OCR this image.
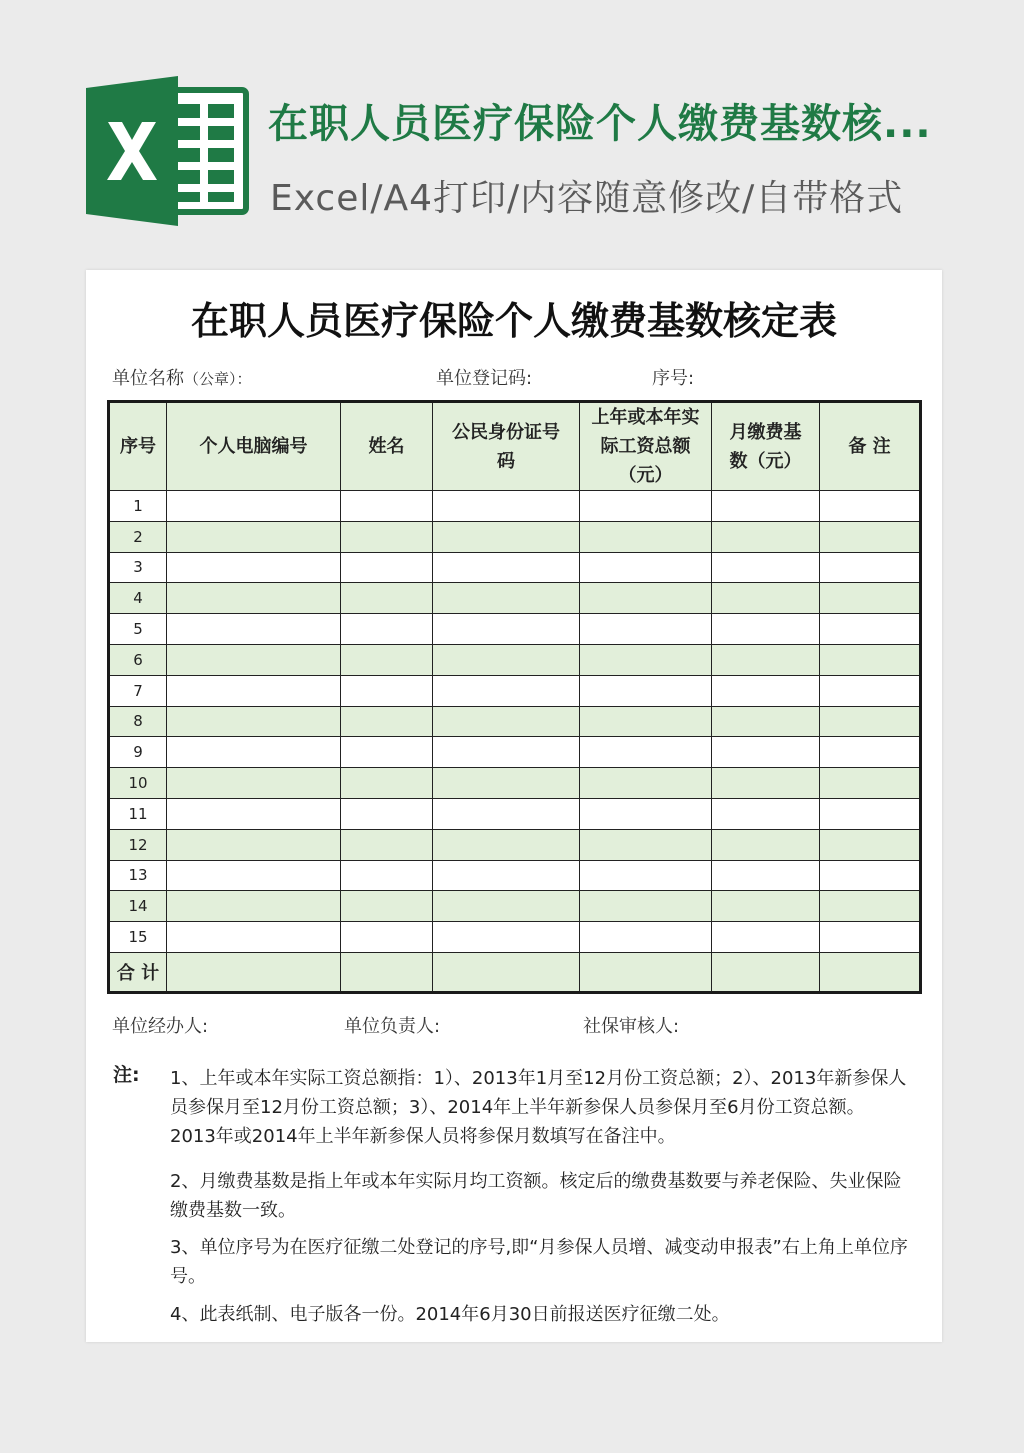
在职人员医疗保险个人缴费基数核...
Excel/A4打印/内容随意修改/自带格式
在职人员医疗保险个人缴费基数核定表
单位名称（公章）：	单位登记码:	序号:
序号	个人电脑编号	姓名	公民身份证号码	上年或本年实际工资总额（元）	月缴费基数（元）	备 注
1						
2						
3						
4						
5						
6						
7						
8						
9						
10						
11						
12						
13						
14						
15						
合 计						
单位经办人:	单位负责人:	社保审核人:
注: 1、上年或本年实际工资总额指：1）、2013年1月至12月份工资总额；2）、2013年新参保人员参保月至12月份工资总额；3）、2014年上半年新参保人员参保月至6月份工资总额。2013年或2014年上半年新参保人员将参保月数填写在备注中。
2、月缴费基数是指上年或本年实际月均工资额。核定后的缴费基数要与养老保险、失业保险缴费基数一致。
3、单位序号为在医疗征缴二处登记的序号,即“月参保人员增、减变动申报表”右上角上单位序号。
4、此表纸制、电子版各一份。2014年6月30日前报送医疗征缴二处。
